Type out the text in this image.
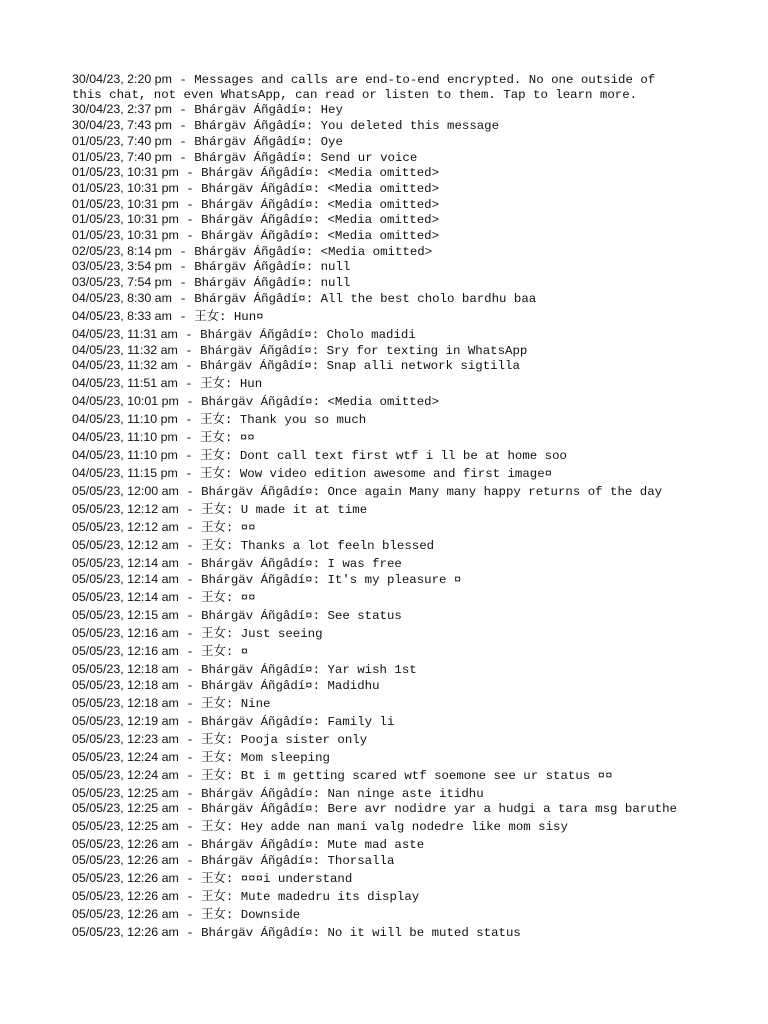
30/04/23, 2:20 pm - Messages and calls are end-to-end encrypted. No one outside of this chat, not even WhatsApp, can read or listen to them. Tap to learn more.
30/04/23, 2:37 pm - Bhárgäv Áñgâdí¤: Hey
30/04/23, 7:43 pm - Bhárgäv Áñgâdí¤: You deleted this message
01/05/23, 7:40 pm - Bhárgäv Áñgâdí¤: Oye
01/05/23, 7:40 pm - Bhárgäv Áñgâdí¤: Send ur voice
01/05/23, 10:31 pm - Bhárgäv Áñgâdí¤: <Media omitted>
01/05/23, 10:31 pm - Bhárgäv Áñgâdí¤: <Media omitted>
01/05/23, 10:31 pm - Bhárgäv Áñgâdí¤: <Media omitted>
01/05/23, 10:31 pm - Bhárgäv Áñgâdí¤: <Media omitted>
01/05/23, 10:31 pm - Bhárgäv Áñgâdí¤: <Media omitted>
02/05/23, 8:14 pm - Bhárgäv Áñgâdí¤: <Media omitted>
03/05/23, 3:54 pm - Bhárgäv Áñgâdí¤: null
03/05/23, 7:54 pm - Bhárgäv Áñgâdí¤: null
04/05/23, 8:30 am - Bhárgäv Áñgâdí¤: All the best cholo bardhu baa
04/05/23, 8:33 am - 王女: Hun¤
04/05/23, 11:31 am - Bhárgäv Áñgâdí¤: Cholo madidi
04/05/23, 11:32 am - Bhárgäv Áñgâdí¤: Sry for texting in WhatsApp
04/05/23, 11:32 am - Bhárgäv Áñgâdí¤: Snap alli network sigtilla
04/05/23, 11:51 am - 王女: Hun
04/05/23, 10:01 pm - Bhárgäv Áñgâdí¤: <Media omitted>
04/05/23, 11:10 pm - 王女: Thank you so much
04/05/23, 11:10 pm - 王女: ¤¤
04/05/23, 11:10 pm - 王女: Dont call text first wtf i ll be at home soo
04/05/23, 11:15 pm - 王女: Wow video edition awesome and first image¤
05/05/23, 12:00 am - Bhárgäv Áñgâdí¤: Once again Many many happy returns of the day
05/05/23, 12:12 am - 王女: U made it at time
05/05/23, 12:12 am - 王女: ¤¤
05/05/23, 12:12 am - 王女: Thanks a lot feeln blessed
05/05/23, 12:14 am - Bhárgäv Áñgâdí¤: I was free
05/05/23, 12:14 am - Bhárgäv Áñgâdí¤: It's my pleasure ¤
05/05/23, 12:14 am - 王女: ¤¤
05/05/23, 12:15 am - Bhárgäv Áñgâdí¤: See status
05/05/23, 12:16 am - 王女: Just seeing
05/05/23, 12:16 am - 王女: ¤
05/05/23, 12:18 am - Bhárgäv Áñgâdí¤: Yar wish 1st
05/05/23, 12:18 am - Bhárgäv Áñgâdí¤: Madidhu
05/05/23, 12:18 am - 王女: Nine
05/05/23, 12:19 am - Bhárgäv Áñgâdí¤: Family li
05/05/23, 12:23 am - 王女: Pooja sister only
05/05/23, 12:24 am - 王女: Mom sleeping
05/05/23, 12:24 am - 王女: Bt i m getting scared wtf soemone see ur status ¤¤
05/05/23, 12:25 am - Bhárgäv Áñgâdí¤: Nan ninge aste itidhu
05/05/23, 12:25 am - Bhárgäv Áñgâdí¤: Bere avr nodidre yar a hudgi a tara msg baruthe
05/05/23, 12:25 am - 王女: Hey adde nan mani valg nodedre like mom sisy
05/05/23, 12:26 am - Bhárgäv Áñgâdí¤: Mute mad aste
05/05/23, 12:26 am - Bhárgäv Áñgâdí¤: Thorsalla
05/05/23, 12:26 am - 王女: ¤¤¤i understand
05/05/23, 12:26 am - 王女: Mute madedru its display
05/05/23, 12:26 am - 王女: Downside
05/05/23, 12:26 am - Bhárgäv Áñgâdí¤: No it will be muted status
